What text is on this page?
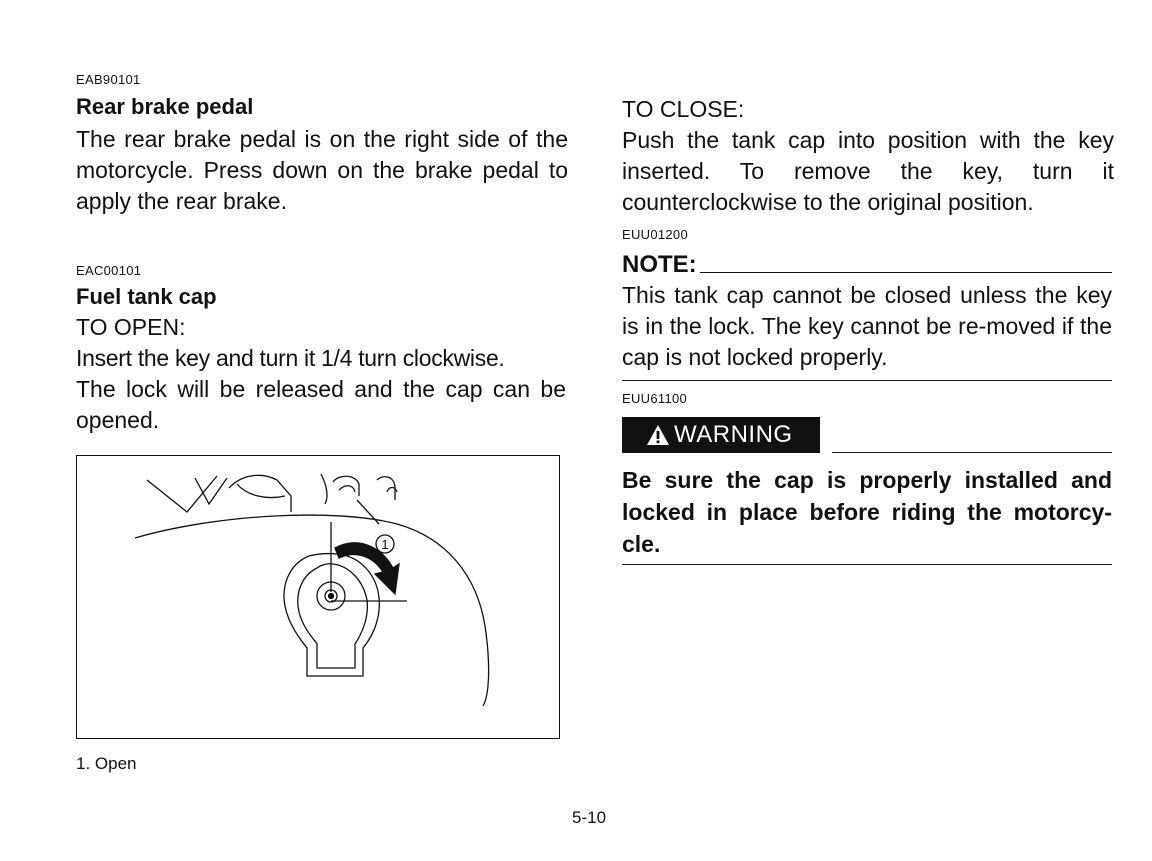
EAB90101
Rear brake pedal

The rear brake pedal is on the right side of the motorcycle. Press down on the brake pedal to apply the rear brake.

EAC00101
Fuel tank cap

TO OPEN:

Insert the key and turn it 1/4 turn clockwise.

The lock will be released and the cap can be opened.

1
1. Open

TO CLOSE:

Push the tank cap into position with the key inserted. To remove the key, turn it counterclockwise to the original position.

EUU01200
NOTE:

This tank cap cannot be closed unless the key is in the lock. The key cannot be re-moved if the cap is not locked properly.

EUU61100
WARNING
Be sure the cap is properly installed and locked in place before riding the motorcy-cle.
5-10
